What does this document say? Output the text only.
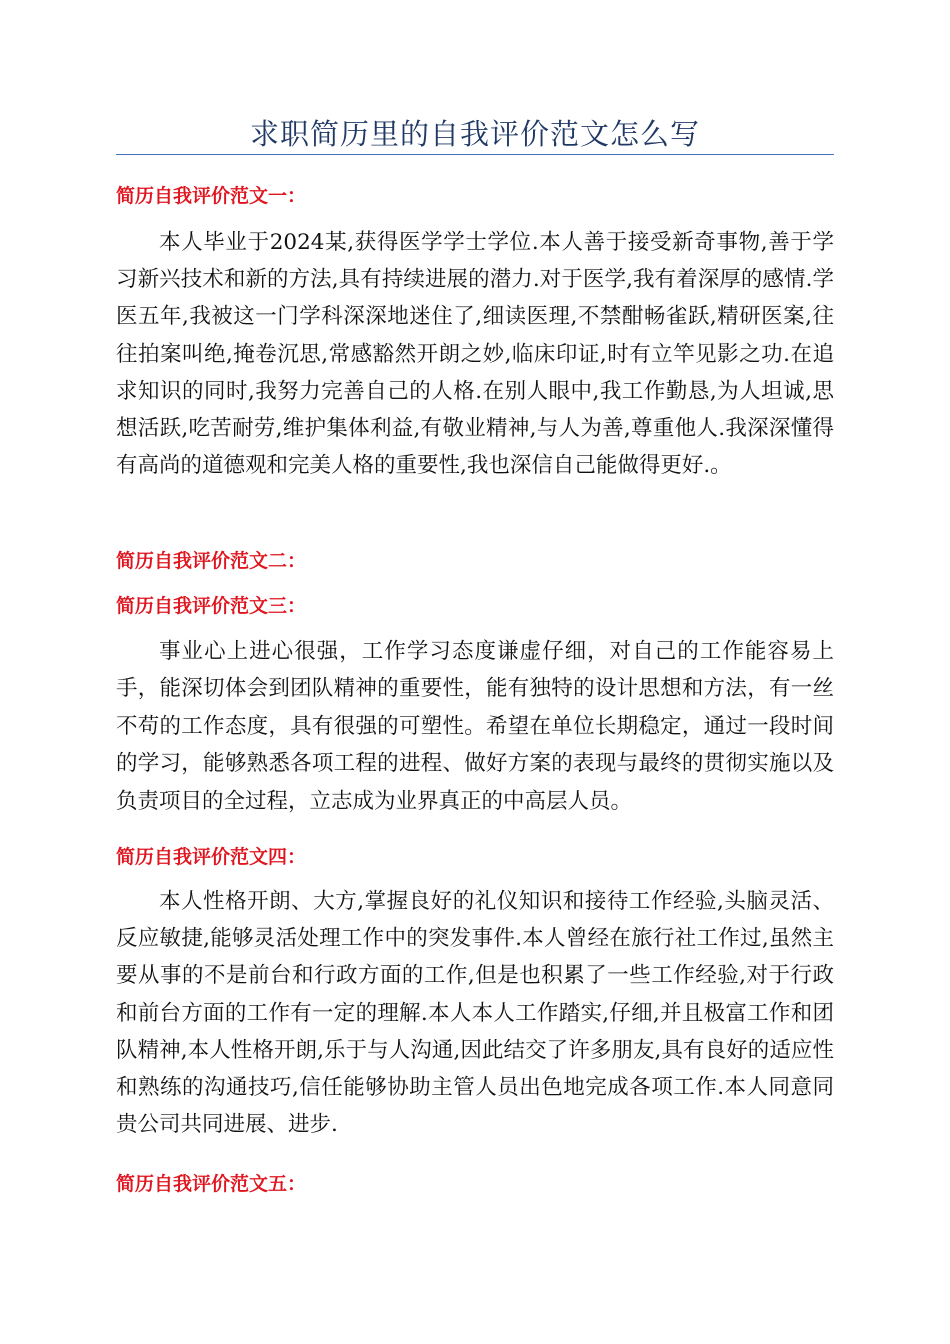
求职简历里的自我评价范文怎么写
简历自我评价范文一：

本人毕业于2024某,获得医学学士学位.本人善于接受新奇事物,善于学习新兴技术和新的方法,具有持续进展的潜力.对于医学,我有着深厚的感情.学医五年,我被这一门学科深深地迷住了,细读医理,不禁酣畅雀跃,精研医案,往往拍案叫绝,掩卷沉思,常感豁然开朗之妙,临床印证,时有立竿见影之功.在追求知识的同时,我努力完善自己的人格.在别人眼中,我工作勤恳,为人坦诚,思想活跃,吃苦耐劳,维护集体利益,有敬业精神,与人为善,尊重他人.我深深懂得有高尚的道德观和完美人格的重要性,我也深信自己能做得更好.。

简历自我评价范文二：
简历自我评价范文三：

事业心上进心很强，工作学习态度谦虚仔细，对自己的工作能容易上手，能深切体会到团队精神的重要性，能有独特的设计思想和方法，有一丝不苟的工作态度，具有很强的可塑性。希望在单位长期稳定，通过一段时间的学习，能够熟悉各项工程的进程、做好方案的表现与最终的贯彻实施以及负责项目的全过程，立志成为业界真正的中高层人员。

简历自我评价范文四：

本人性格开朗、大方,掌握良好的礼仪知识和接待工作经验,头脑灵活、反应敏捷,能够灵活处理工作中的突发事件.本人曾经在旅行社工作过,虽然主要从事的不是前台和行政方面的工作,但是也积累了一些工作经验,对于行政和前台方面的工作有一定的理解.本人本人工作踏实,仔细,并且极富工作和团队精神,本人性格开朗,乐于与人沟通,因此结交了许多朋友,具有良好的适应性和熟练的沟通技巧,信任能够协助主管人员出色地完成各项工作.本人同意同贵公司共同进展、进步.

简历自我评价范文五：
